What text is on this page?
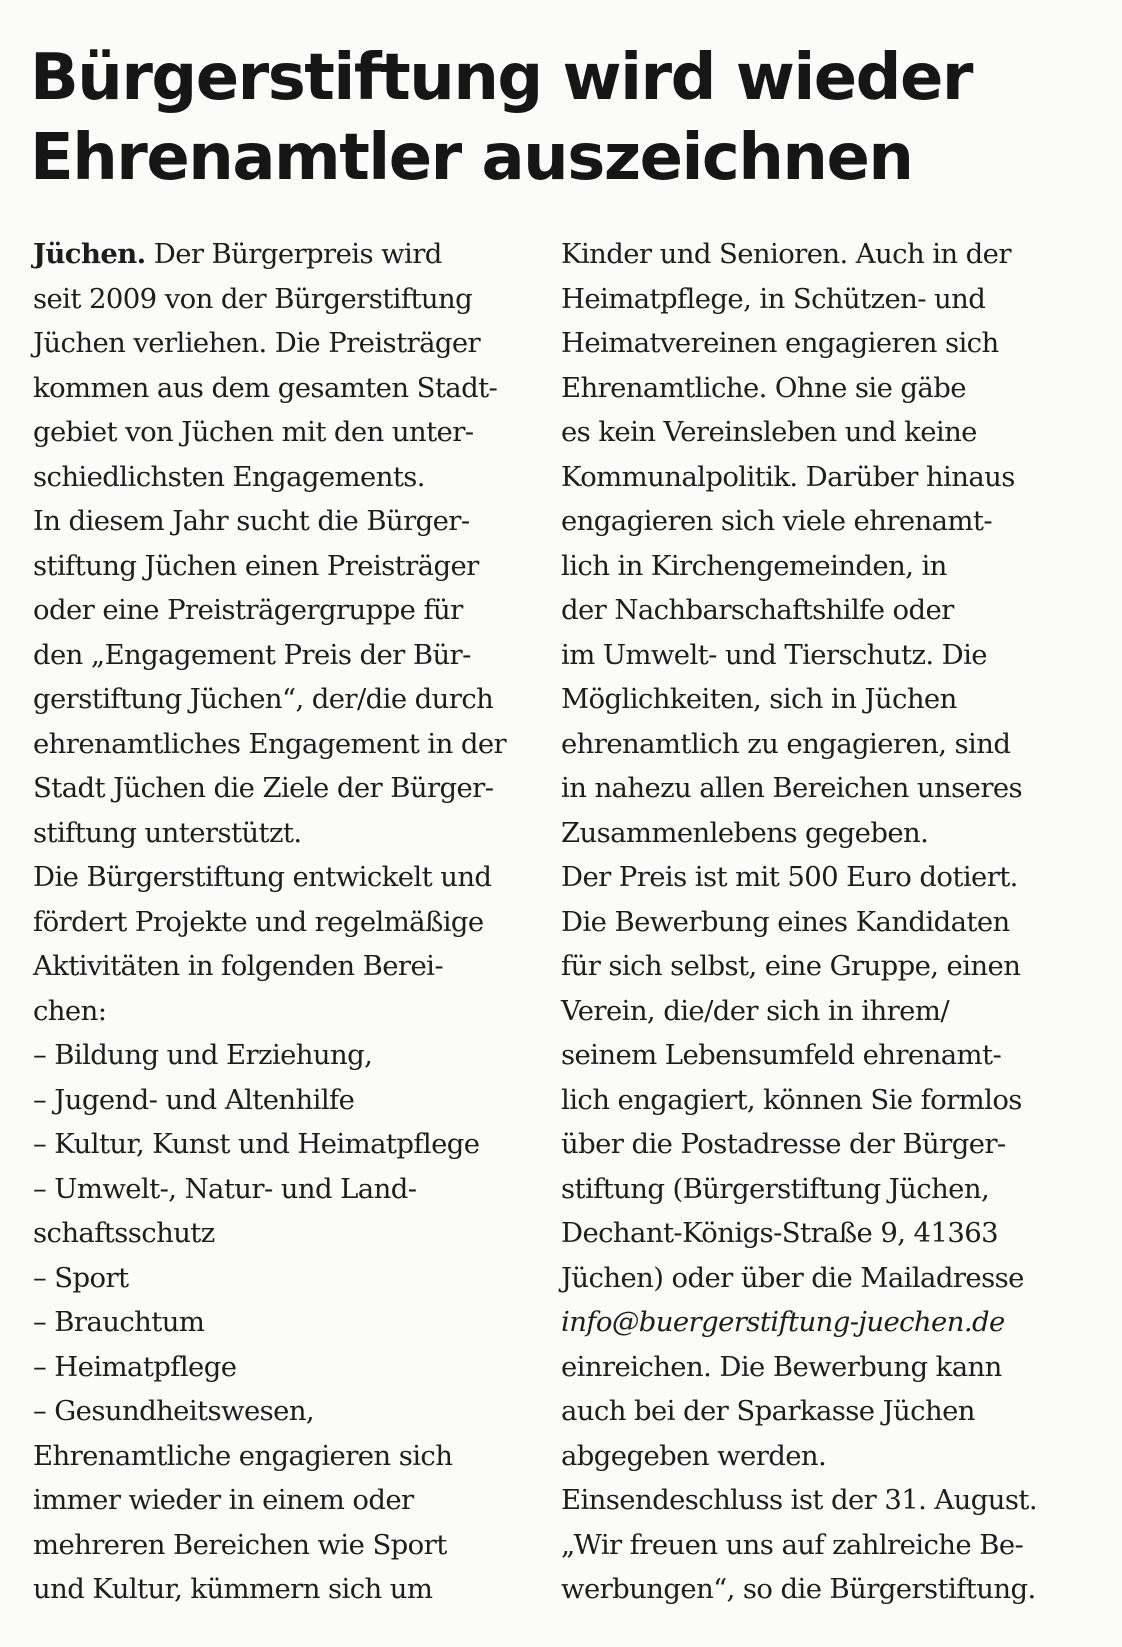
Bürgerstiftung wird wieder
Ehrenamtler auszeichnen
Jüchen. Der Bürgerpreis wird
seit 2009 von der Bürgerstiftung
Jüchen verliehen. Die Preisträger
kommen aus dem gesamten Stadt-
gebiet von Jüchen mit den unter-
schiedlichsten Engagements.
In diesem Jahr sucht die Bürger-
stiftung Jüchen einen Preisträger
oder eine Preisträgergruppe für
den „Engagement Preis der Bür-
gerstiftung Jüchen“, der/die durch
ehrenamtliches Engagement in der
Stadt Jüchen die Ziele der Bürger-
stiftung unterstützt.
Die Bürgerstiftung entwickelt und
fördert Projekte und regelmäßige
Aktivitäten in folgenden Berei-
chen:
– Bildung und Erziehung,
– Jugend- und Altenhilfe
– Kultur, Kunst und Heimatpflege
– Umwelt-, Natur- und Land-
schaftsschutz
– Sport
– Brauchtum
– Heimatpflege
– Gesundheitswesen,
Ehrenamtliche engagieren sich
immer wieder in einem oder
mehreren Bereichen wie Sport
und Kultur, kümmern sich um
Kinder und Senioren. Auch in der
Heimatpflege, in Schützen- und
Heimatvereinen engagieren sich
Ehrenamtliche. Ohne sie gäbe
es kein Vereinsleben und keine
Kommunalpolitik. Darüber hinaus
engagieren sich viele ehrenamt-
lich in Kirchengemeinden, in
der Nachbarschaftshilfe oder
im Umwelt- und Tierschutz. Die
Möglichkeiten, sich in Jüchen
ehrenamtlich zu engagieren, sind
in nahezu allen Bereichen unseres
Zusammenlebens gegeben.
Der Preis ist mit 500 Euro dotiert.
Die Bewerbung eines Kandidaten
für sich selbst, eine Gruppe, einen
Verein, die/der sich in ihrem/
seinem Lebensumfeld ehrenamt-
lich engagiert, können Sie formlos
über die Postadresse der Bürger-
stiftung (Bürgerstiftung Jüchen,
Dechant-Königs-Straße 9, 41363
Jüchen) oder über die Mailadresse
info@buergerstiftung-juechen.de
einreichen. Die Bewerbung kann
auch bei der Sparkasse Jüchen
abgegeben werden.
Einsendeschluss ist der 31. August.
„Wir freuen uns auf zahlreiche Be-
werbungen“, so die Bürgerstiftung.
